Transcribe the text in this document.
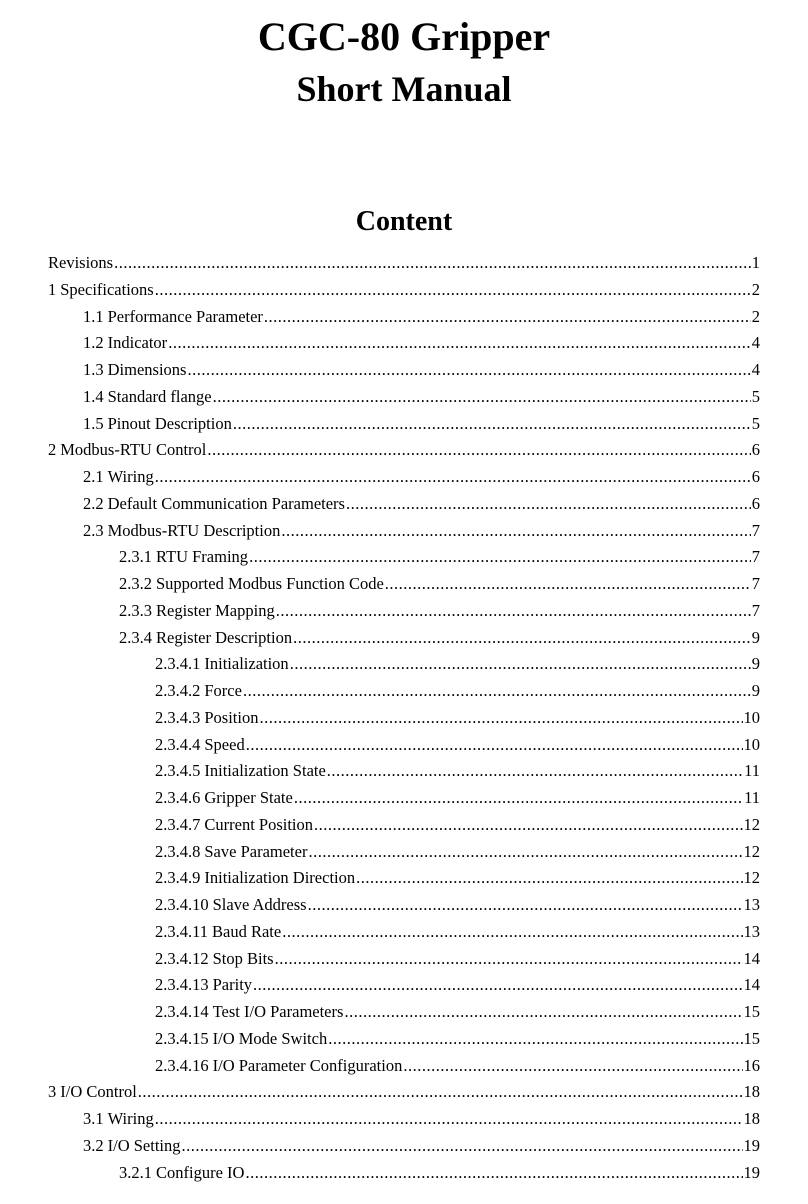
CGC-80 Gripper
Short Manual
Content
Revisions .....	1
1 Specifications .....	2
1.1 Performance Parameter .....	2
1.2 Indicator .....	4
1.3 Dimensions .....	4
1.4 Standard flange .....	5
1.5 Pinout Description .....	5
2 Modbus-RTU Control .....	6
2.1 Wiring .....	6
2.2 Default Communication Parameters .....	6
2.3 Modbus-RTU Description .....	7
2.3.1 RTU Framing .....	7
2.3.2 Supported Modbus Function Code .....	7
2.3.3 Register Mapping .....	7
2.3.4 Register Description .....	9
2.3.4.1 Initialization .....	9
2.3.4.2 Force .....	9
2.3.4.3 Position .....	10
2.3.4.4 Speed .....	10
2.3.4.5 Initialization State .....	11
2.3.4.6 Gripper State .....	11
2.3.4.7 Current Position .....	12
2.3.4.8 Save Parameter .....	12
2.3.4.9 Initialization Direction .....	12
2.3.4.10 Slave Address .....	13
2.3.4.11 Baud Rate .....	13
2.3.4.12 Stop Bits .....	14
2.3.4.13 Parity .....	14
2.3.4.14 Test I/O Parameters .....	15
2.3.4.15 I/O Mode Switch .....	15
2.3.4.16 I/O Parameter Configuration .....	16
3 I/O Control .....	18
3.1 Wiring .....	18
3.2 I/O Setting .....	19
3.2.1 Configure IO .....	19
